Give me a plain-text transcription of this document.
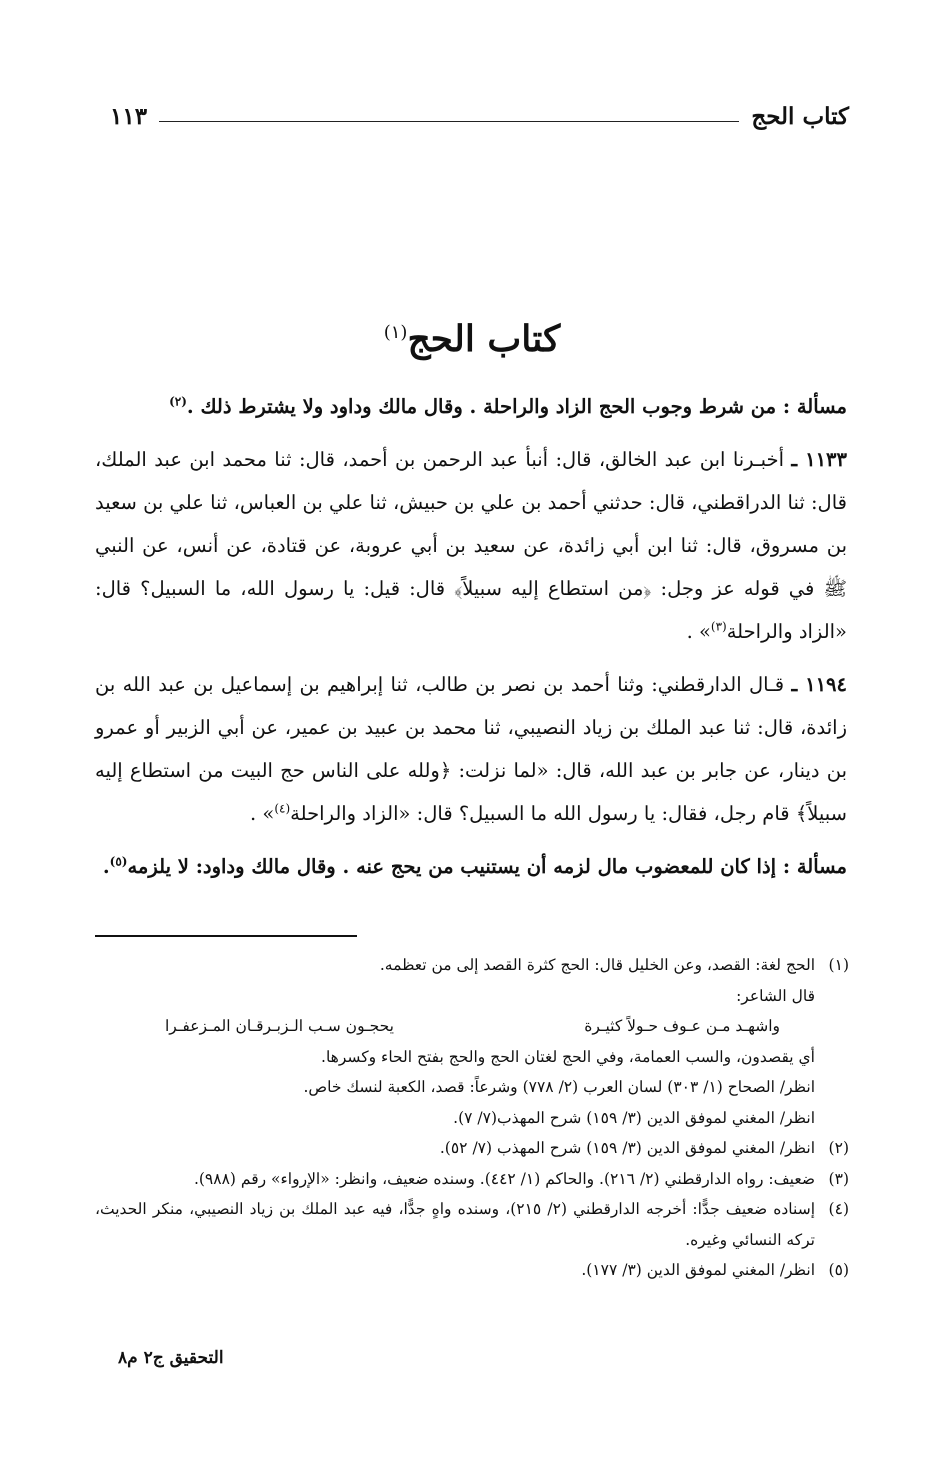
كتاب الحج
١١٣
كتاب الحج$^{(١)}$

مسألة : من شرط وجوب الحج الزاد والراحلة . وقال مالك وداود ولا يشترط ذلك .$^{(٢)}$

١١٣٣ ـ أخبـرنا ابن عبد الخالق، قال: أنبأ عبد الرحمن بن أحمد، قال: ثنا محمد ابن عبد الملك، قال: ثنا الدراقطني، قال: حدثني أحمد بن علي بن حبيش، ثنا علي بن العباس، ثنا علي بن سعيد بن مسروق، قال: ثنا ابن أبي زائدة، عن سعيد بن أبي عروبة، عن قتادة، عن أنس، عن النبي ﷺ في قوله عز وجل: ﴿من استطاع إليه سبيلاً﴾ قال: قيل: يا رسول الله، ما السبيل؟ قال: «الزاد والراحلة$^{(٣)}$» .

١١٩٤ ـ قـال الدارقطني: وثنا أحمد بن نصر بن طالب، ثنا إبراهيم بن إسماعيل بن عبد الله بن زائدة، قال: ثنا عبد الملك بن زياد النصيبي، ثنا محمد بن عبيد بن عمير، عن أبي الزبير أو عمرو بن دينار، عن جابر بن عبد الله، قال: «لما نزلت: ﴿ولله على الناس حج البيت من استطاع إليه سبيلاً﴾ قام رجل، فقال: يا رسول الله ما السبيل؟ قال: «الزاد والراحلة$^{(٤)}$» .

مسألة : إذا كان للمعضوب مال لزمه أن يستنيب من يحج عنه . وقال مالك وداود: لا يلزمه$^{(٥)}$.

(١)
الحج لغة: القصد، وعن الخليل قال: الحج كثرة القصد إلى من تعظمه.
قال الشاعر:
واشهـد مـن عـوف حـولاً كثيـرة
يحجـون سـب الـزبـرقـان المـزعفـرا
أي يقصدون، والسب العمامة، وفي الحج لغتان الحج والحج بفتح الحاء وكسرها.
انظر/ الصحاح (١/ ٣٠٣) لسان العرب (٢/ ٧٧٨) وشرعاً: قصد، الكعبة لنسك خاص.
انظر/ المغني لموفق الدين (٣/ ١٥٩) شرح المهذب(٧/ ٧).
(٢)
انظر/ المغني لموفق الدين (٣/ ١٥٩) شرح المهذب (٧/ ٥٢).
(٣)
ضعيف: رواه الدارقطني (٢/ ٢١٦). والحاكم (١/ ٤٤٢). وسنده ضعيف، وانظر: «الإرواء» رقم (٩٨٨).
(٤)
إسناده ضعيف جدًّا: أخرجه الدارقطني (٢/ ٢١٥)، وسنده واهٍ جدًّا، فيه عبد الملك بن زياد النصيبي، منكر الحديث، تركه النسائي وغيره.
(٥)
انظر/ المغني لموفق الدين (٣/ ١٧٧).
التحقيق ج٢ م٨
